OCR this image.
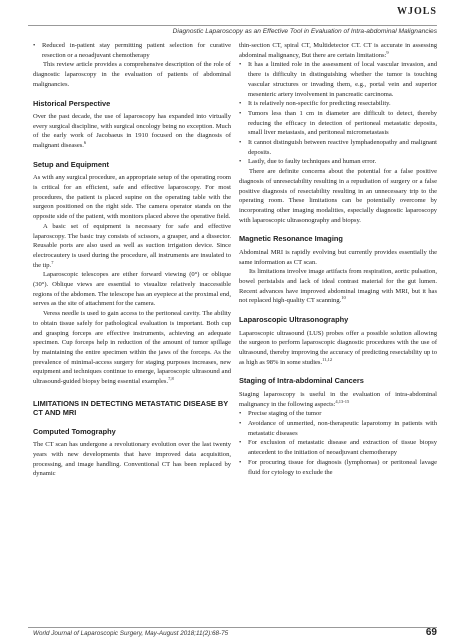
WJOLS
Diagnostic Laparoscopy as an Effective Tool in Evaluation of Intra-abdominal Malignancies
• Reduced in-patient stay permitting patient selection for curative resection or a neoadjuvant chemotherapy

This review article provides a comprehensive description of the role of diagnostic laparoscopy in the evaluation of patients of abdominal malignancies.

Historical Perspective

Over the past decade, the use of laparoscopy has expanded into virtually every surgical discipline, with surgical oncology being no exception. Much of the early work of Jacobaeus in 1910 focused on the diagnosis of malignant diseases.$^6$

Setup and Equipment

As with any surgical procedure, an appropriate setup of the operating room is critical for an efficient, safe and effective laparoscopy. For most procedures, the patient is placed supine on the operating table with the surgeon positioned on the right side. The camera operator stands on the opposite side of the patient, with monitors placed above the operative field.

A basic set of equipment is necessary for safe and effective laparoscopy. The basic tray consists of scissors, a grasper, and a dissector. Reusable ports are also used as well as suction irrigation device. Since electrocautery is used during the procedure, all instruments are insulated to the tip.$^7$

Laparoscopic telescopes are either forward viewing (0°) or oblique (30°). Oblique views are essential to visualize relatively inaccessible regions of the abdomen. The telescope has an eyepiece at the proximal end, serves as the site of attachment for the camera.

Veress needle is used to gain access to the peritoneal cavity. The ability to obtain tissue safely for pathological evaluation is important. Both cup and grasping forceps are effective instruments, achieving an adequate specimen. Cup forceps help in reduction of the amount of tumor spillage by maintaining the entire specimen within the jaws of the forceps. As the prevalence of minimal-access surgery for staging purposes increases, new equipment and techniques continue to emerge, laparoscopic ultrasound and ultrasound-guided biopsy being essential examples.$^{7,8}$

LIMITATIONS IN DETECTING METASTATIC DISEASE BY CT AND MRI
Computed Tomography

The CT scan has undergone a revolutionary evolution over the last twenty years with new developments that have improved data acquisition, processing, and image handling. Conventional CT has been replaced by dynamic

thin-section CT, spiral CT, Multidetector CT. CT is accurate in assessing abdominal malignancy, But there are certain limitations:$^9$

• It has a limited role in the assessment of local vascular invasion, and there is difficulty in distinguishing whether the tumor is touching vascular structures or invading them, e.g., portal vein and superior mesenteric artery involvement in pancreatic carcinoma.
• It is relatively non-specific for predicting resectability.
• Tumors less than 1 cm in diameter are difficult to detect, thereby reducing the efficacy in detection of peritoneal metastatic deposits, small liver metastasis, and peritoneal micrometastasis
• It cannot distinguish between reactive lymphadenopathy and malignant deposits.
• Lastly, due to faulty techniques and human error.

There are definite concerns about the potential for a false positive diagnosis of unresectability resulting in a repudiation of surgery or a false positive diagnosis of resectability resulting in an unnecessary trip to the operating room. These limitations can be potentially overcome by incorporating other imaging modalities, especially diagnostic laparoscopy with laparoscopic ultrasonography and biopsy.

Magnetic Resonance Imaging

Abdominal MRI is rapidly evolving but currently provides essentially the same information as CT scan.

Its limitations involve image artifacts from respiration, aortic pulsation, bowel peristalsis and lack of ideal contrast material for the gut lumen. Recent advances have improved abdominal imaging with MRI, but it has not replaced high-quality CT scanning.$^{10}$

Laparoscopic Ultrasonography

Laparoscopic ultrasound (LUS) probes offer a possible solution allowing the surgeon to perform laparoscopic diagnostic procedures with the use of ultrasound, thereby improving the accuracy of predicting resectability up to as high as 98% in some studies.$^{11,12}$

Staging of Intra-abdominal Cancers

Staging laparoscopy is useful in the evaluation of intra-abdominal malignancy in the following aspects:$^{4,13-15}$

• Precise staging of the tumor
• Avoidance of unmerited, non-therapeutic laparotomy in patients with metastatic diseases
• For exclusion of metastatic disease and extraction of tissue biopsy antecedent to the initiation of neoadjuvant chemotherapy
• For procuring tissue for diagnosis (lymphomas) or peritoneal lavage fluid for cytology to exclude the
World Journal of Laparoscopic Surgery, May-August 2018;11(2):68-75	69
